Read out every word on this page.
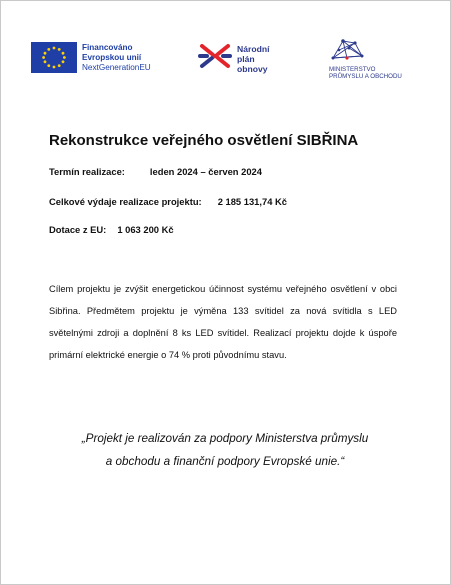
Financováno
Evropskou unií
NextGenerationEU
Národní
plán
obnovy	MINISTERSTVO
PRŮMYSLU A OBCHODU
Rekonstrukce veřejného osvětlení SIBŘINA
Termín realizace:	leden 2024 – červen 2024
Celkové výdaje realizace projektu: 2 185 131,74 Kč
Dotace z EU: 1 063 200 Kč
Cílem projektu je zvýšit energetickou účinnost systému veřejného osvětlení v obci Sibřina. Předmětem projektu je výměna 133 svítidel za nová svítidla s LED světelnými zdroji a doplnění 8 ks LED svítidel. Realizací projektu dojde k úspoře primární elektrické energie o 74 % proti původnímu stavu.
„Projekt je realizován za podpory Ministerstva průmyslu
a obchodu a finanční podpory Evropské unie.“
